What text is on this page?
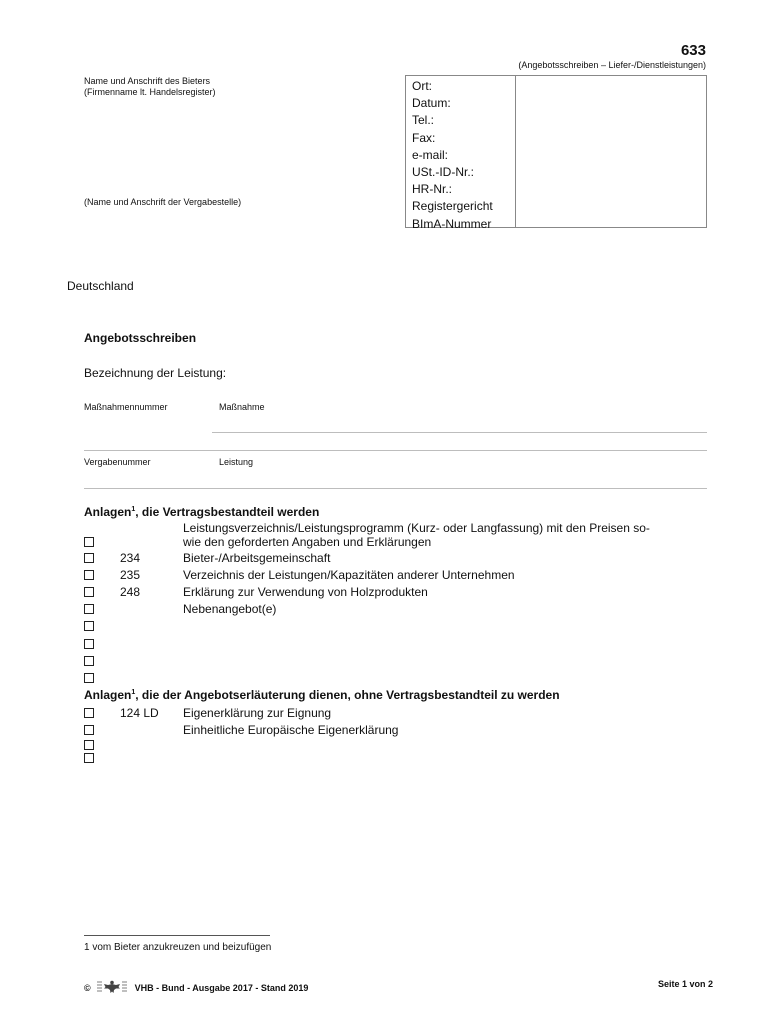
633
(Angebotsschreiben – Liefer-/Dienstleistungen)
Name und Anschrift des Bieters
(Firmenname lt. Handelsregister)
(Name und Anschrift der Vergabestelle)
Ort:
Datum:
Tel.:
Fax:
e-mail:
USt.-ID-Nr.:
HR-Nr.:
Registergericht
BImA-Nummer
Deutschland
Angebotsschreiben
Bezeichnung der Leistung:
Maßnahmennummer	Maßnahme
Vergabenummer	Leistung
Anlagen$^1$, die Vertragsbestandteil werden
Leistungsverzeichnis/Leistungsprogramm (Kurz- oder Langfassung) mit den Preisen so-
wie den geforderten Angaben und Erklärungen
234	Bieter-/Arbeitsgemeinschaft
235	Verzeichnis der Leistungen/Kapazitäten anderer Unternehmen
248	Erklärung zur Verwendung von Holzprodukten
Nebenangebot(e)
Anlagen$^1$, die der Angebotserläuterung dienen, ohne Vertragsbestandteil zu werden
124 LD Eigenerklärung zur Eignung
Einheitliche Europäische Eigenerklärung
1 vom Bieter anzukreuzen und beizufügen
©	VHB - Bund - Ausgabe 2017 - Stand 2019	Seite 1 von 2
